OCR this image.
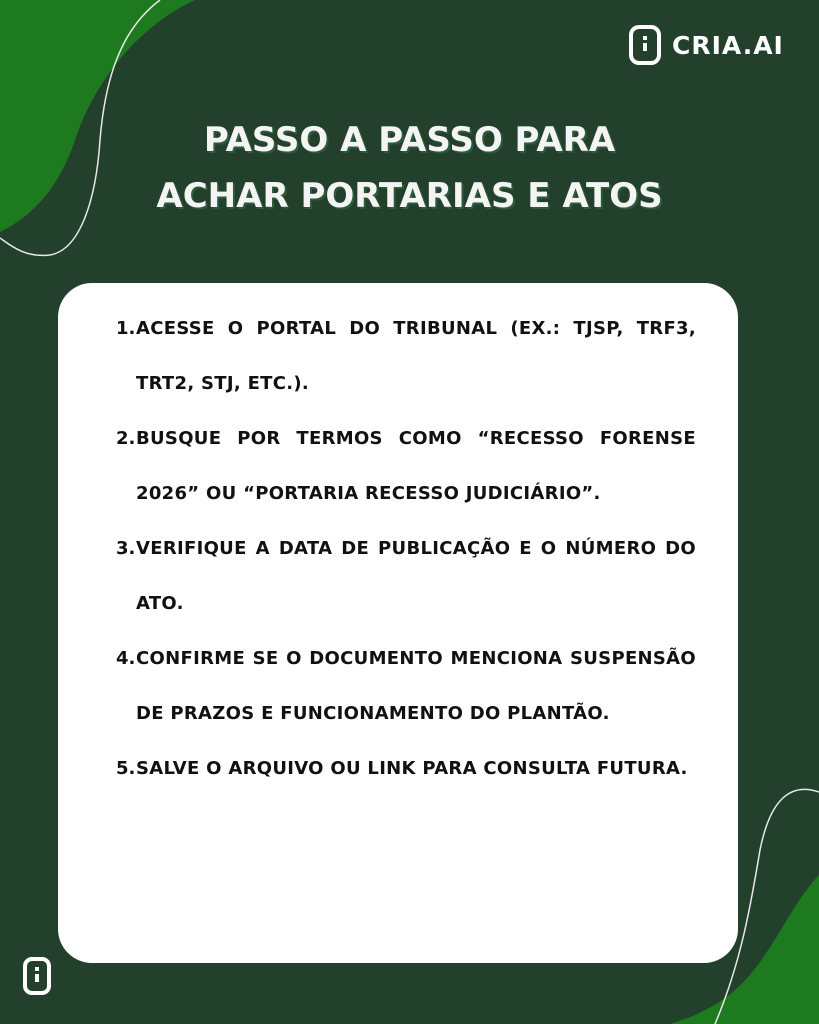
CRIA.AI
PASSO A PASSO PARA
ACHAR PORTARIAS E ATOS
1. ACESSE O PORTAL DO TRIBUNAL (EX.: TJSP, TRF3, TRT2, STJ, ETC.).
2. BUSQUE POR TERMOS COMO “RECESSO FORENSE 2026” OU “PORTARIA RECESSO JUDICIÁRIO”.
3. VERIFIQUE A DATA DE PUBLICAÇÃO E O NÚMERO DO ATO.
4. CONFIRME SE O DOCUMENTO MENCIONA SUSPENSÃO DE PRAZOS E FUNCIONAMENTO DO PLANTÃO.
5. SALVE O ARQUIVO OU LINK PARA CONSULTA FUTURA.
